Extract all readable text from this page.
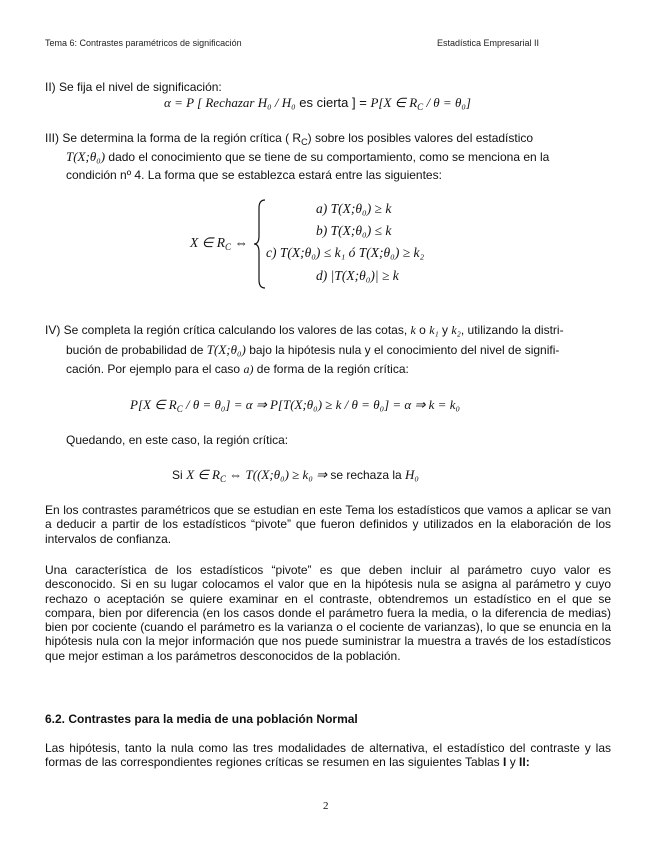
Tema 6: Contrastes paramétricos de significación	Estadística Empresarial II
II) Se fija el nivel de significación:
α = P [ Rechazar H₀ / H₀ es cierta ] = P[X ∈ $R_C / \theta = \theta_0$]
III) Se determina la forma de la región crítica ( $R_C$) sobre los posibles valores del estadístico
T(X;θ₀) dado el conocimiento que se tiene de su comportamiento, como se menciona en la
condición nº 4. La forma que se establezca estará entre las siguientes:
X ∈ $R_C$ ⇔
a) T(X;θ₀) ≥ k
b) T(X;θ₀) ≤ k
c) T(X;θ₀) ≤ k₁ ó T(X;θ₀) ≥ k₂
d) |T(X;θ₀)| ≥ k
IV) Se completa la región crítica calculando los valores de las cotas, k o k₁ y k₂, utilizando la distri-
bución de probabilidad de T(X;θ₀) bajo la hipótesis nula y el conocimiento del nivel de signifi-
cación. Por ejemplo para el caso a) de forma de la región crítica:
P[X ∈ $R_C / \theta = \theta_0] = \alpha$ ⇒ P[T(X;θ₀) ≥ k / θ = θ₀] = α ⇒ k = k₀
Quedando, en este caso, la región crítica:
Si X ∈ $R_C$ ⇔ T((X;θ₀) ≥ k₀ ⇒ se rechaza la H₀
En los contrastes paramétricos que se estudian en este Tema los estadísticos que vamos a aplicar se van a deducir a partir de los estadísticos “pivote” que fueron definidos y utilizados en la elaboración de los intervalos de confianza.
Una característica de los estadísticos “pivote” es que deben incluir al parámetro cuyo valor es desconocido. Si en su lugar colocamos el valor que en la hipótesis nula se asigna al parámetro y cuyo rechazo o aceptación se quiere examinar en el contraste, obtendremos un estadístico en el que se compara, bien por diferencia (en los casos donde el parámetro fuera la media, o la diferencia de medias) bien por cociente (cuando el parámetro es la varianza o el cociente de varianzas), lo que se enuncia en la hipótesis nula con la mejor información que nos puede suministrar la muestra a través de los estadísticos que mejor estiman a los parámetros desconocidos de la población.
6.2. Contrastes para la media de una población Normal
Las hipótesis, tanto la nula como las tres modalidades de alternativa, el estadístico del contraste y las formas de las correspondientes regiones críticas se resumen en las siguientes Tablas I y II:
2
